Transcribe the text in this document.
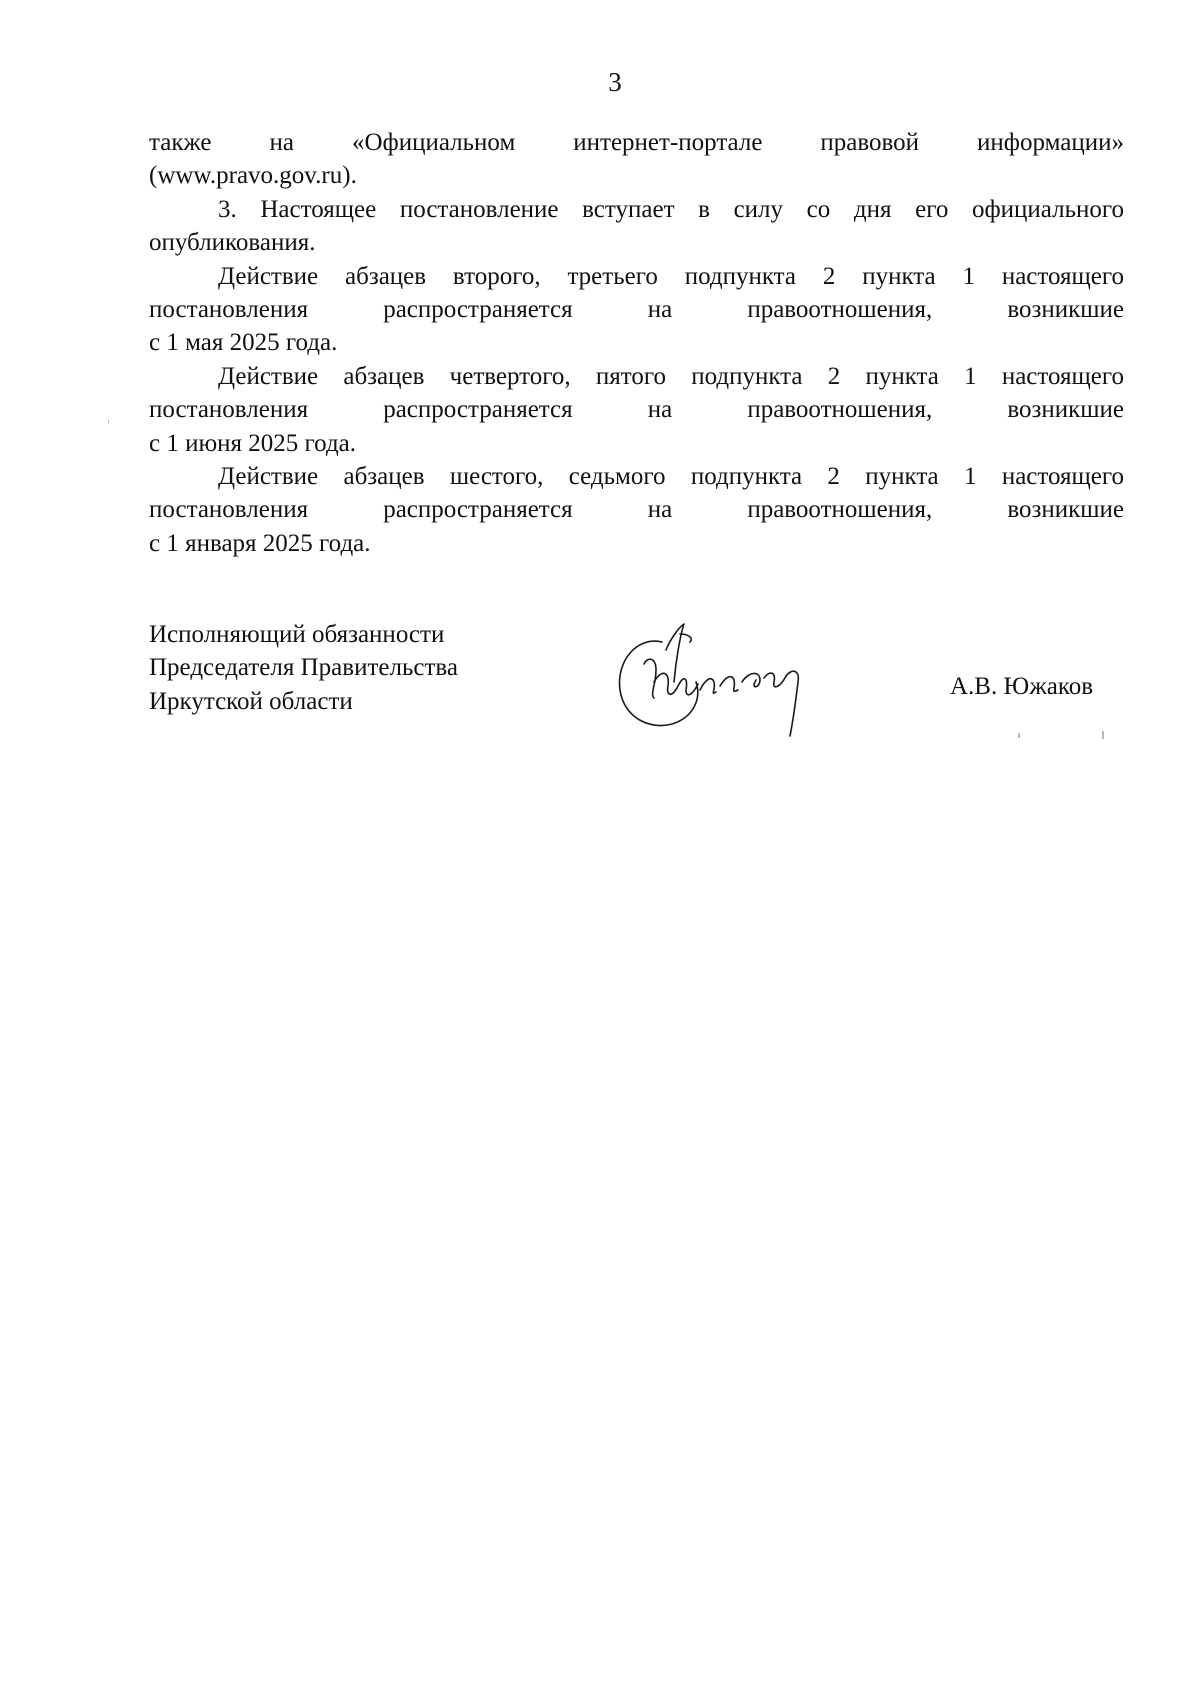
3
также на «Официальном интернет-портале правовой информации»
(www.pravo.gov.ru).
3. Настоящее постановление вступает в силу со дня его официального
опубликования.
Действие абзацев второго, третьего подпункта 2 пункта 1 настоящего
постановления распространяется на правоотношения, возникшие
с 1 мая 2025 года.
Действие абзацев четвертого, пятого подпункта 2 пункта 1 настоящего
постановления распространяется на правоотношения, возникшие
с 1 июня 2025 года.
Действие абзацев шестого, седьмого подпункта 2 пункта 1 настоящего
постановления распространяется на правоотношения, возникшие
с 1 января 2025 года.
Исполняющий обязанности
Председателя Правительства
Иркутской области
А.В. Южаков
